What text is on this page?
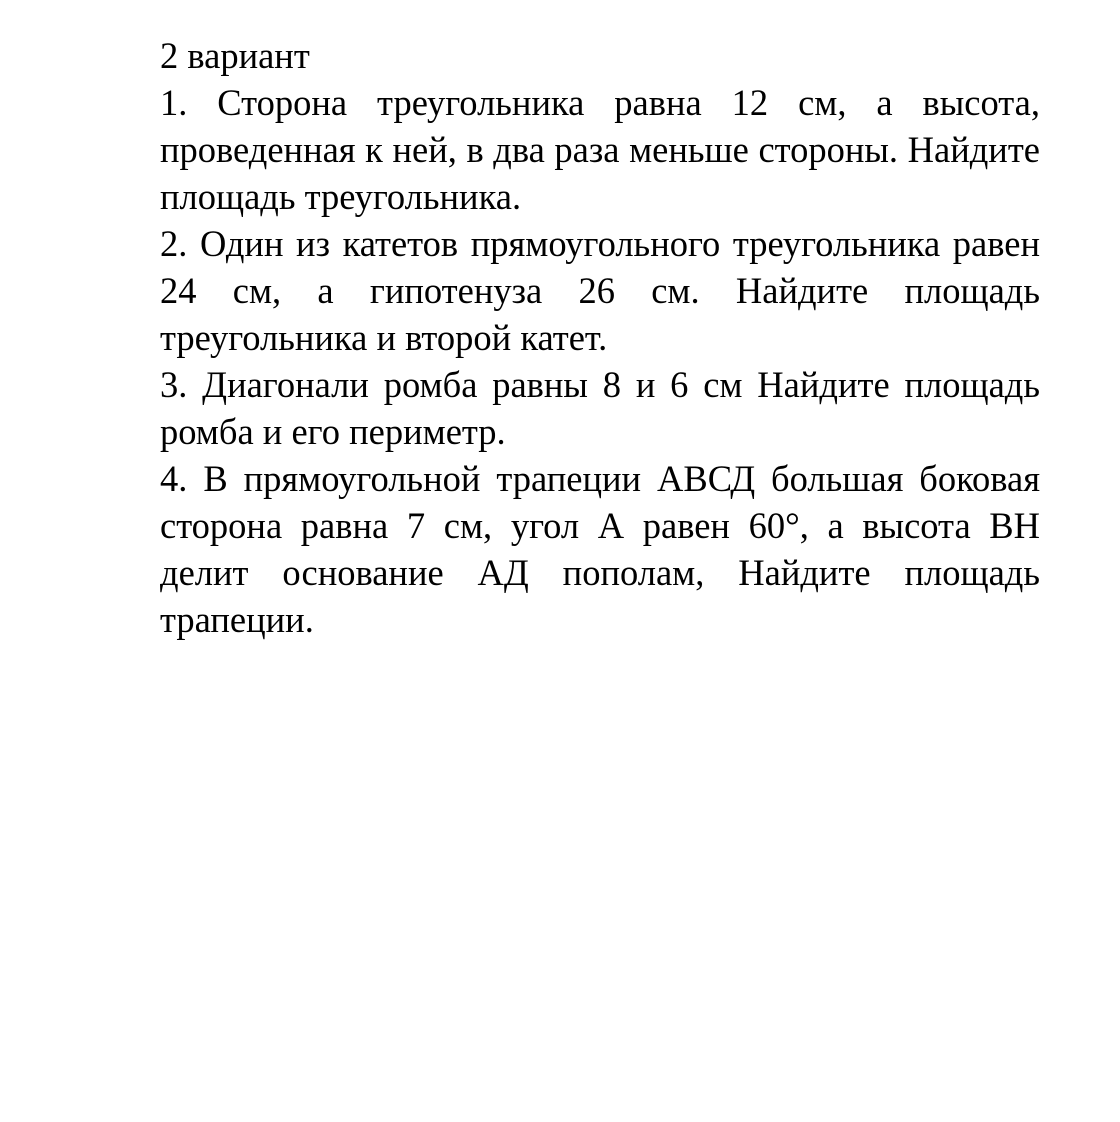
2 вариант
1. Сторона треугольника равна 12 см, а высота, проведенная к ней, в два раза меньше стороны. Найдите площадь треугольника.
2. Один из катетов прямоугольного треугольника равен 24 см, а гипотенуза 26 см. Найдите площадь треугольника и второй катет.
3. Диагонали ромба равны 8 и 6 см Найдите площадь ромба и его периметр.
4. В прямоугольной трапеции АВСД большая боковая сторона равна 7 см, угол А равен 60°, а высота ВН делит основание АД пополам, Найдите площадь трапеции.
